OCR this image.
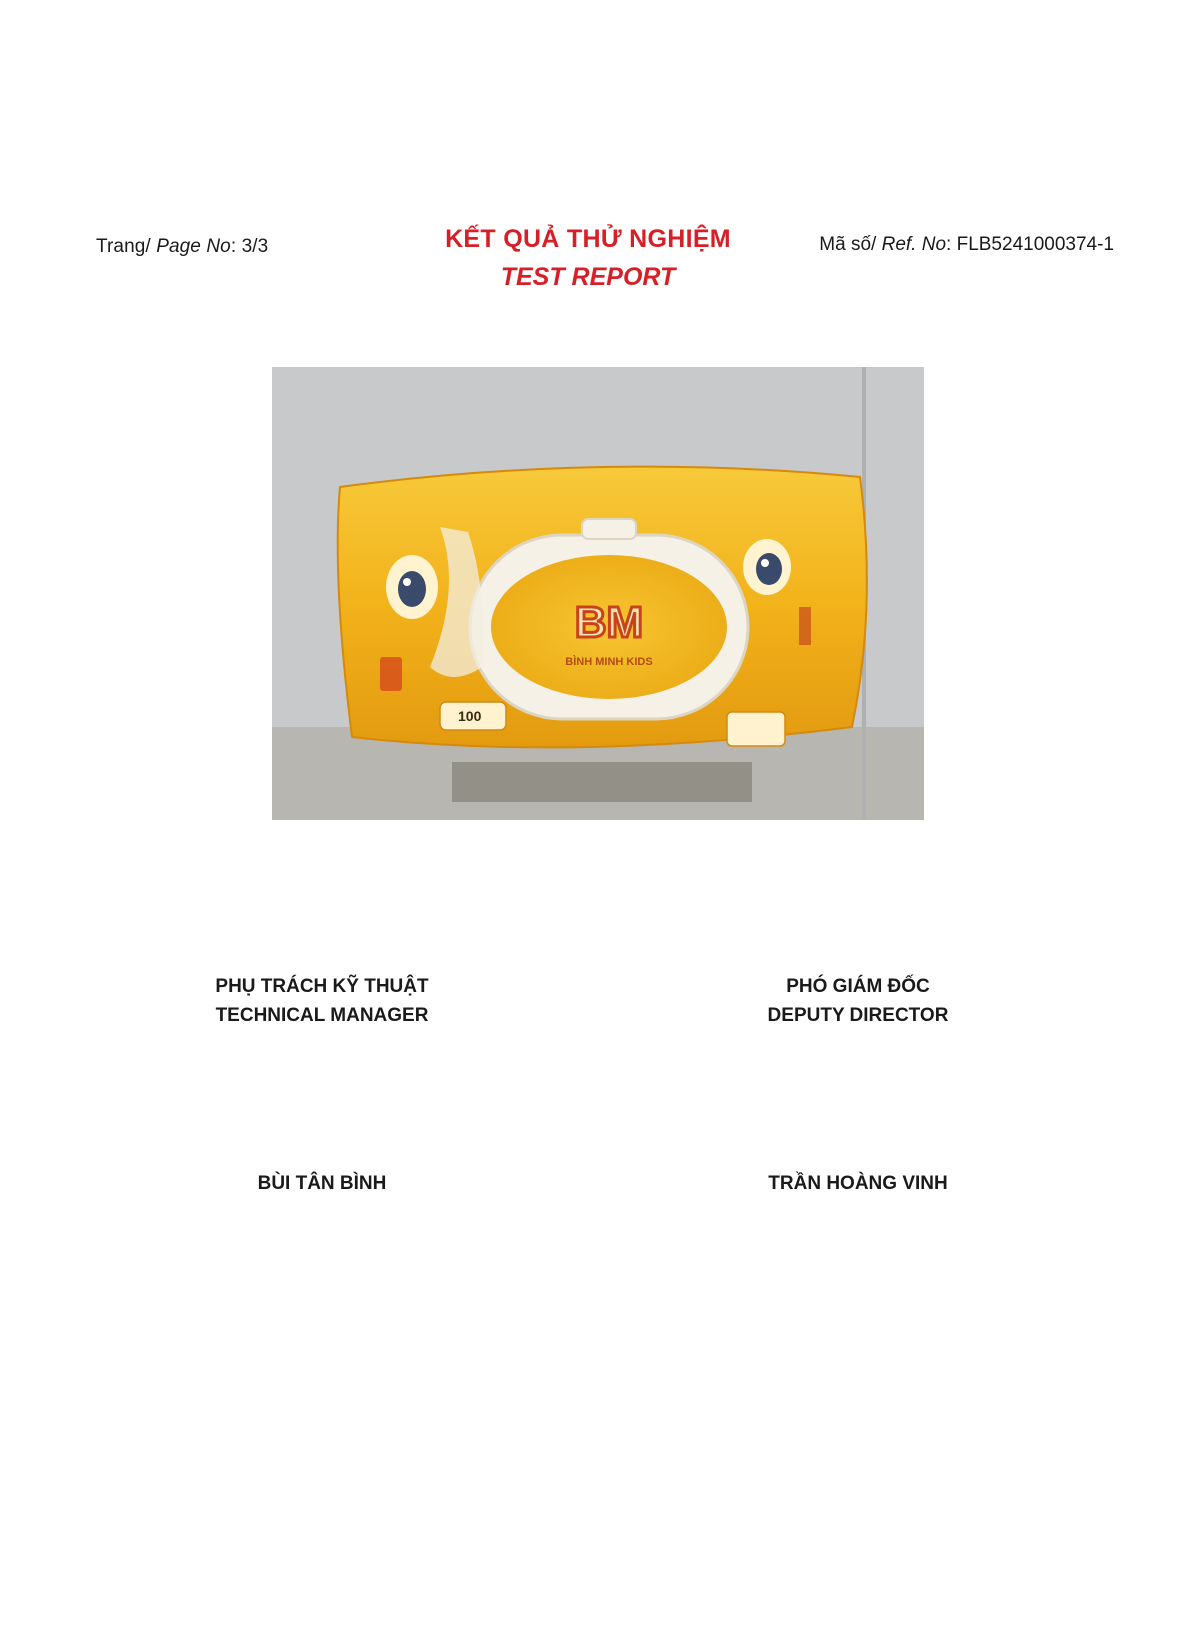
Trang/ Page No: 3/3	KẾT QUẢ THỬ NGHIỆM
TEST REPORT
Mã số/ Ref. No: FLB5241000374-1
BM
BÌNH MINH KIDS
100
PHỤ TRÁCH KỸ THUẬT
TECHNICAL MANAGER
PHÓ GIÁM ĐỐC
DEPUTY DIRECTOR
BÙI TÂN BÌNH	TRẦN HOÀNG VINH
